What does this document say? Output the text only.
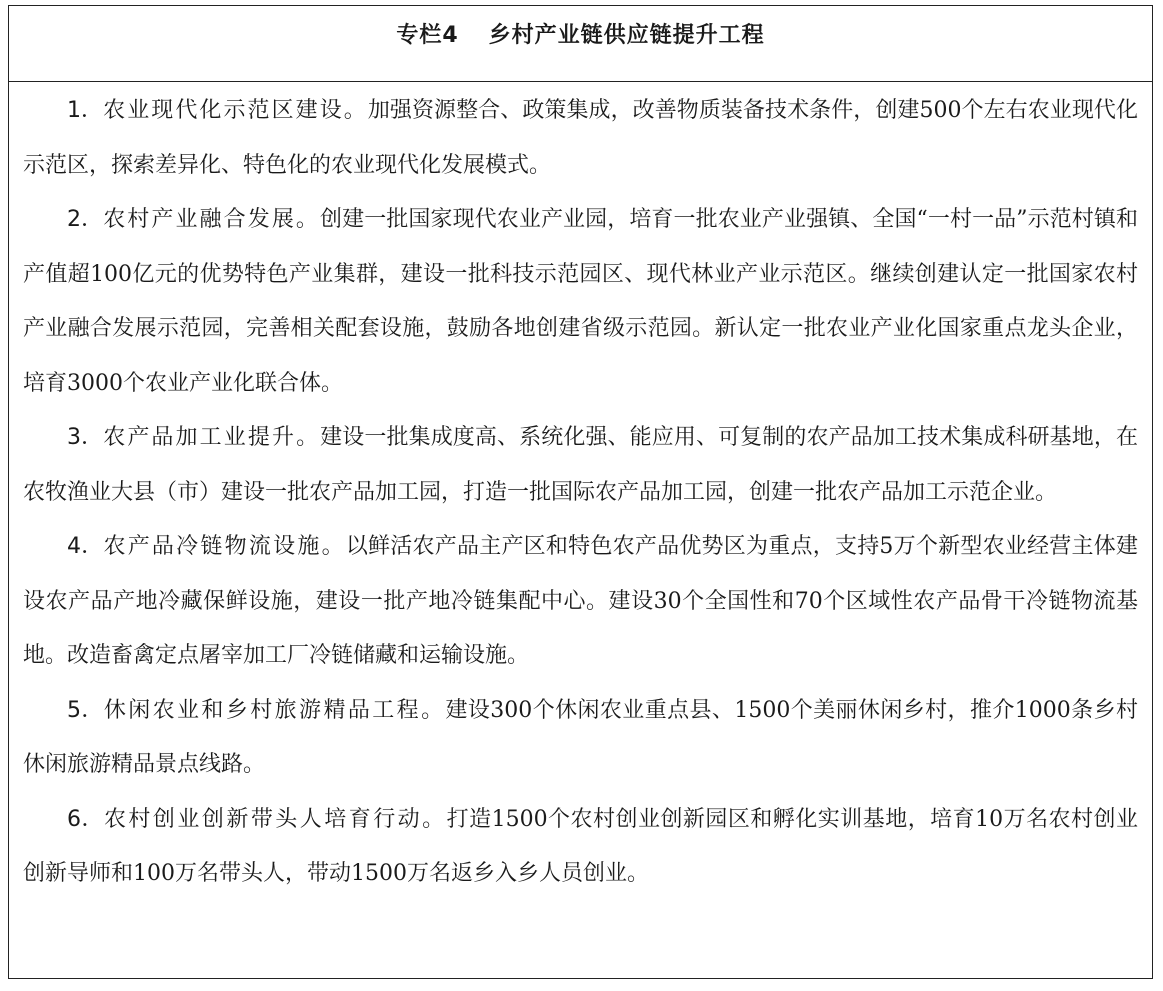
专栏4 乡村产业链供应链提升工程

1．农业现代化示范区建设。加强资源整合、政策集成，改善物质装备技术条件，创建500个左右农业现代化示范区，探索差异化、特色化的农业现代化发展模式。

2．农村产业融合发展。创建一批国家现代农业产业园，培育一批农业产业强镇、全国“一村一品”示范村镇和产值超100亿元的优势特色产业集群，建设一批科技示范园区、现代林业产业示范区。继续创建认定一批国家农村产业融合发展示范园，完善相关配套设施，鼓励各地创建省级示范园。新认定一批农业产业化国家重点龙头企业，培育3000个农业产业化联合体。

3．农产品加工业提升。建设一批集成度高、系统化强、能应用、可复制的农产品加工技术集成科研基地，在农牧渔业大县（市）建设一批农产品加工园，打造一批国际农产品加工园，创建一批农产品加工示范企业。

4．农产品冷链物流设施。以鲜活农产品主产区和特色农产品优势区为重点，支持5万个新型农业经营主体建设农产品产地冷藏保鲜设施，建设一批产地冷链集配中心。建设30个全国性和70个区域性农产品骨干冷链物流基地。改造畜禽定点屠宰加工厂冷链储藏和运输设施。

5．休闲农业和乡村旅游精品工程。建设300个休闲农业重点县、1500个美丽休闲乡村，推介1000条乡村休闲旅游精品景点线路。

6．农村创业创新带头人培育行动。打造1500个农村创业创新园区和孵化实训基地，培育10万名农村创业创新导师和100万名带头人，带动1500万名返乡入乡人员创业。
